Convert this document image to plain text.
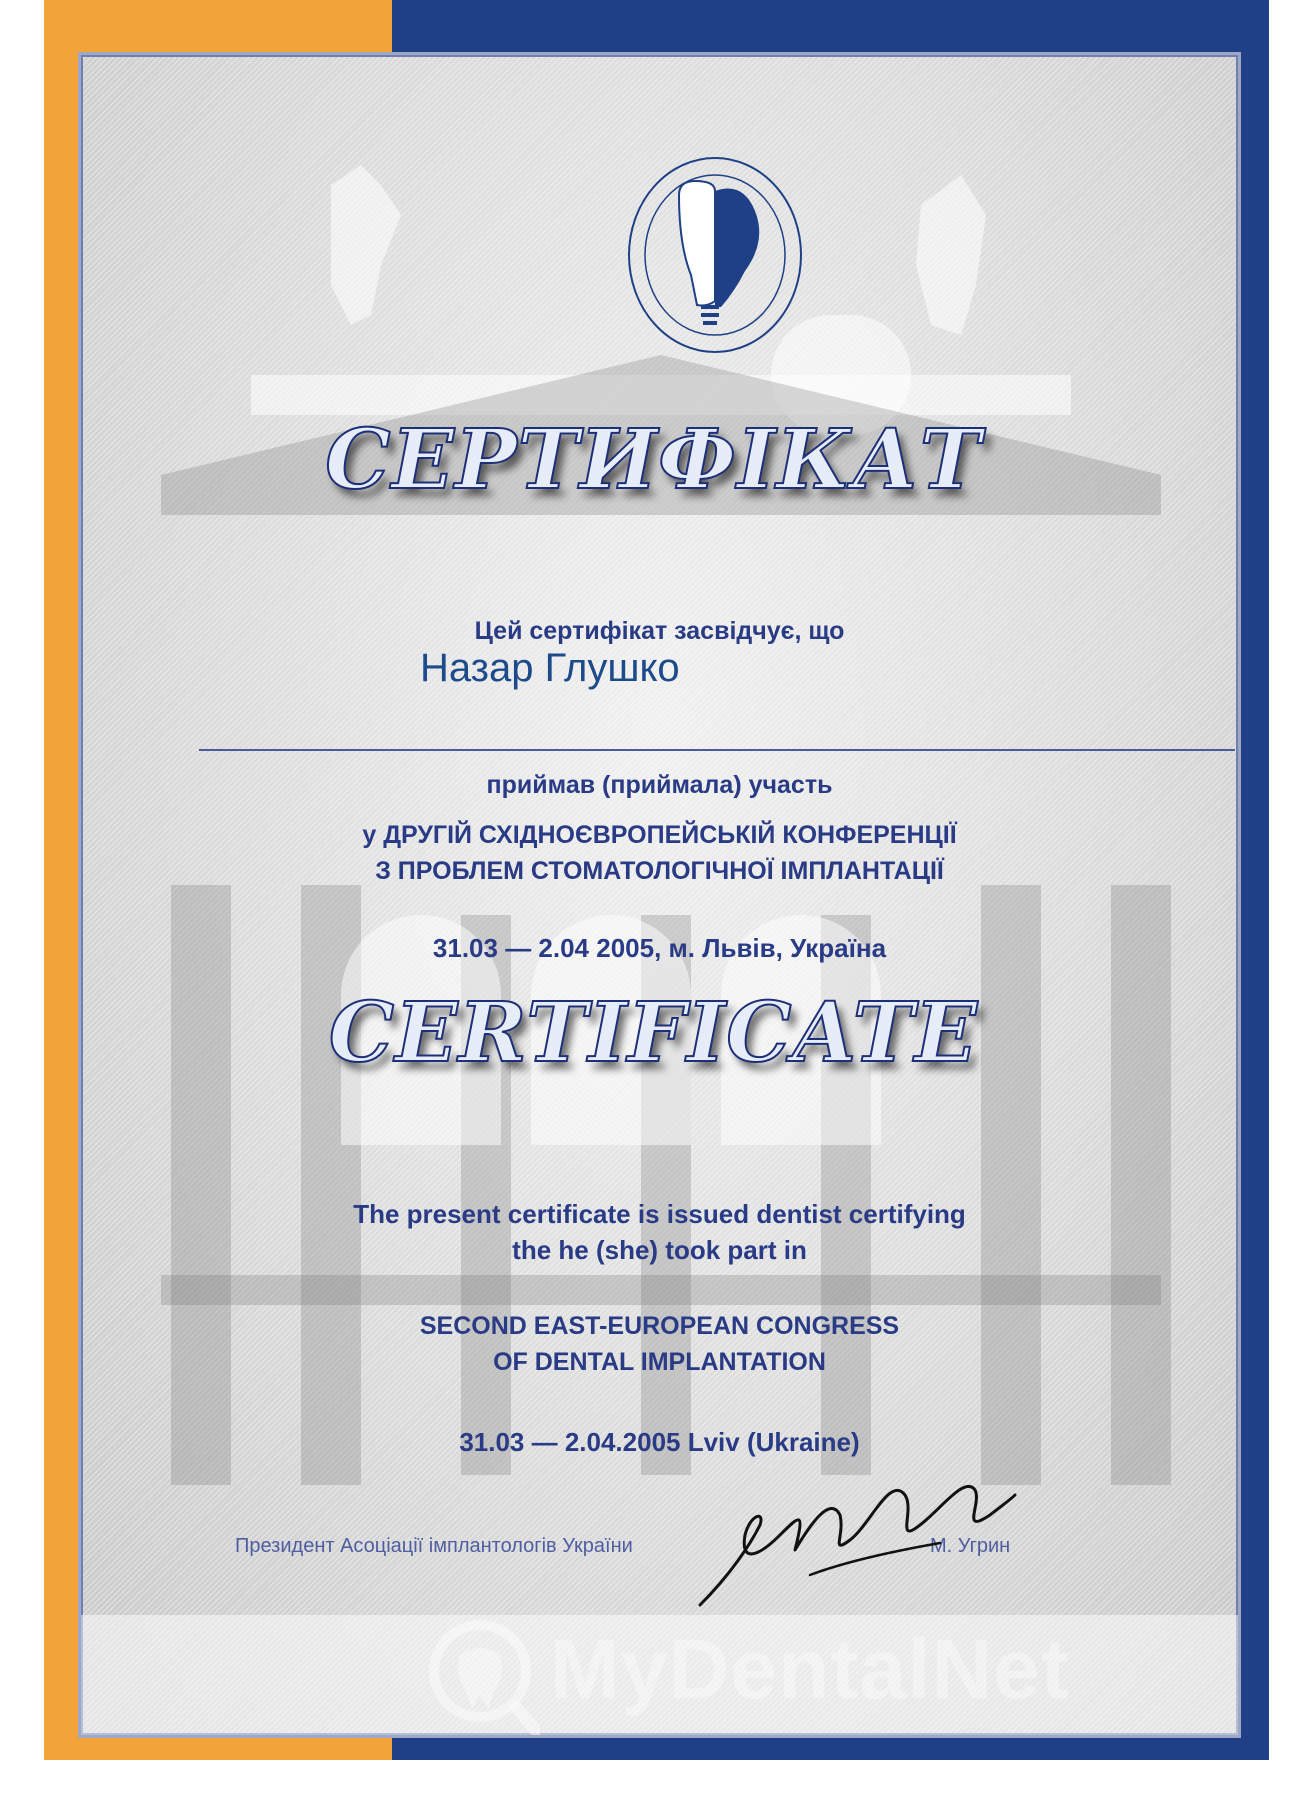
Цей сертифікат засвідчує, що
приймав (приймала) участь
у ДРУГІЙ СХІДНОЄВРОПЕЙСЬКІЙ КОНФЕРЕНЦІЇ
З ПРОБЛЕМ СТОМАТОЛОГІЧНОЇ ІМПЛАНТАЦІЇ
31.03 — 2.04 2005, м. Львів, Україна
The present certificate is issued dentist certifying
the he (she) took part in
SECOND EAST-EUROPEAN CONGRESS
OF DENTAL IMPLANTATION
31.03 — 2.04.2005 Lviv (Ukraine)
СЕРТИФІКАТ
Назар Глушко
CERTIFICATE
Президент Асоціації імплантологів України	М. Угрин
MyDentalNet
